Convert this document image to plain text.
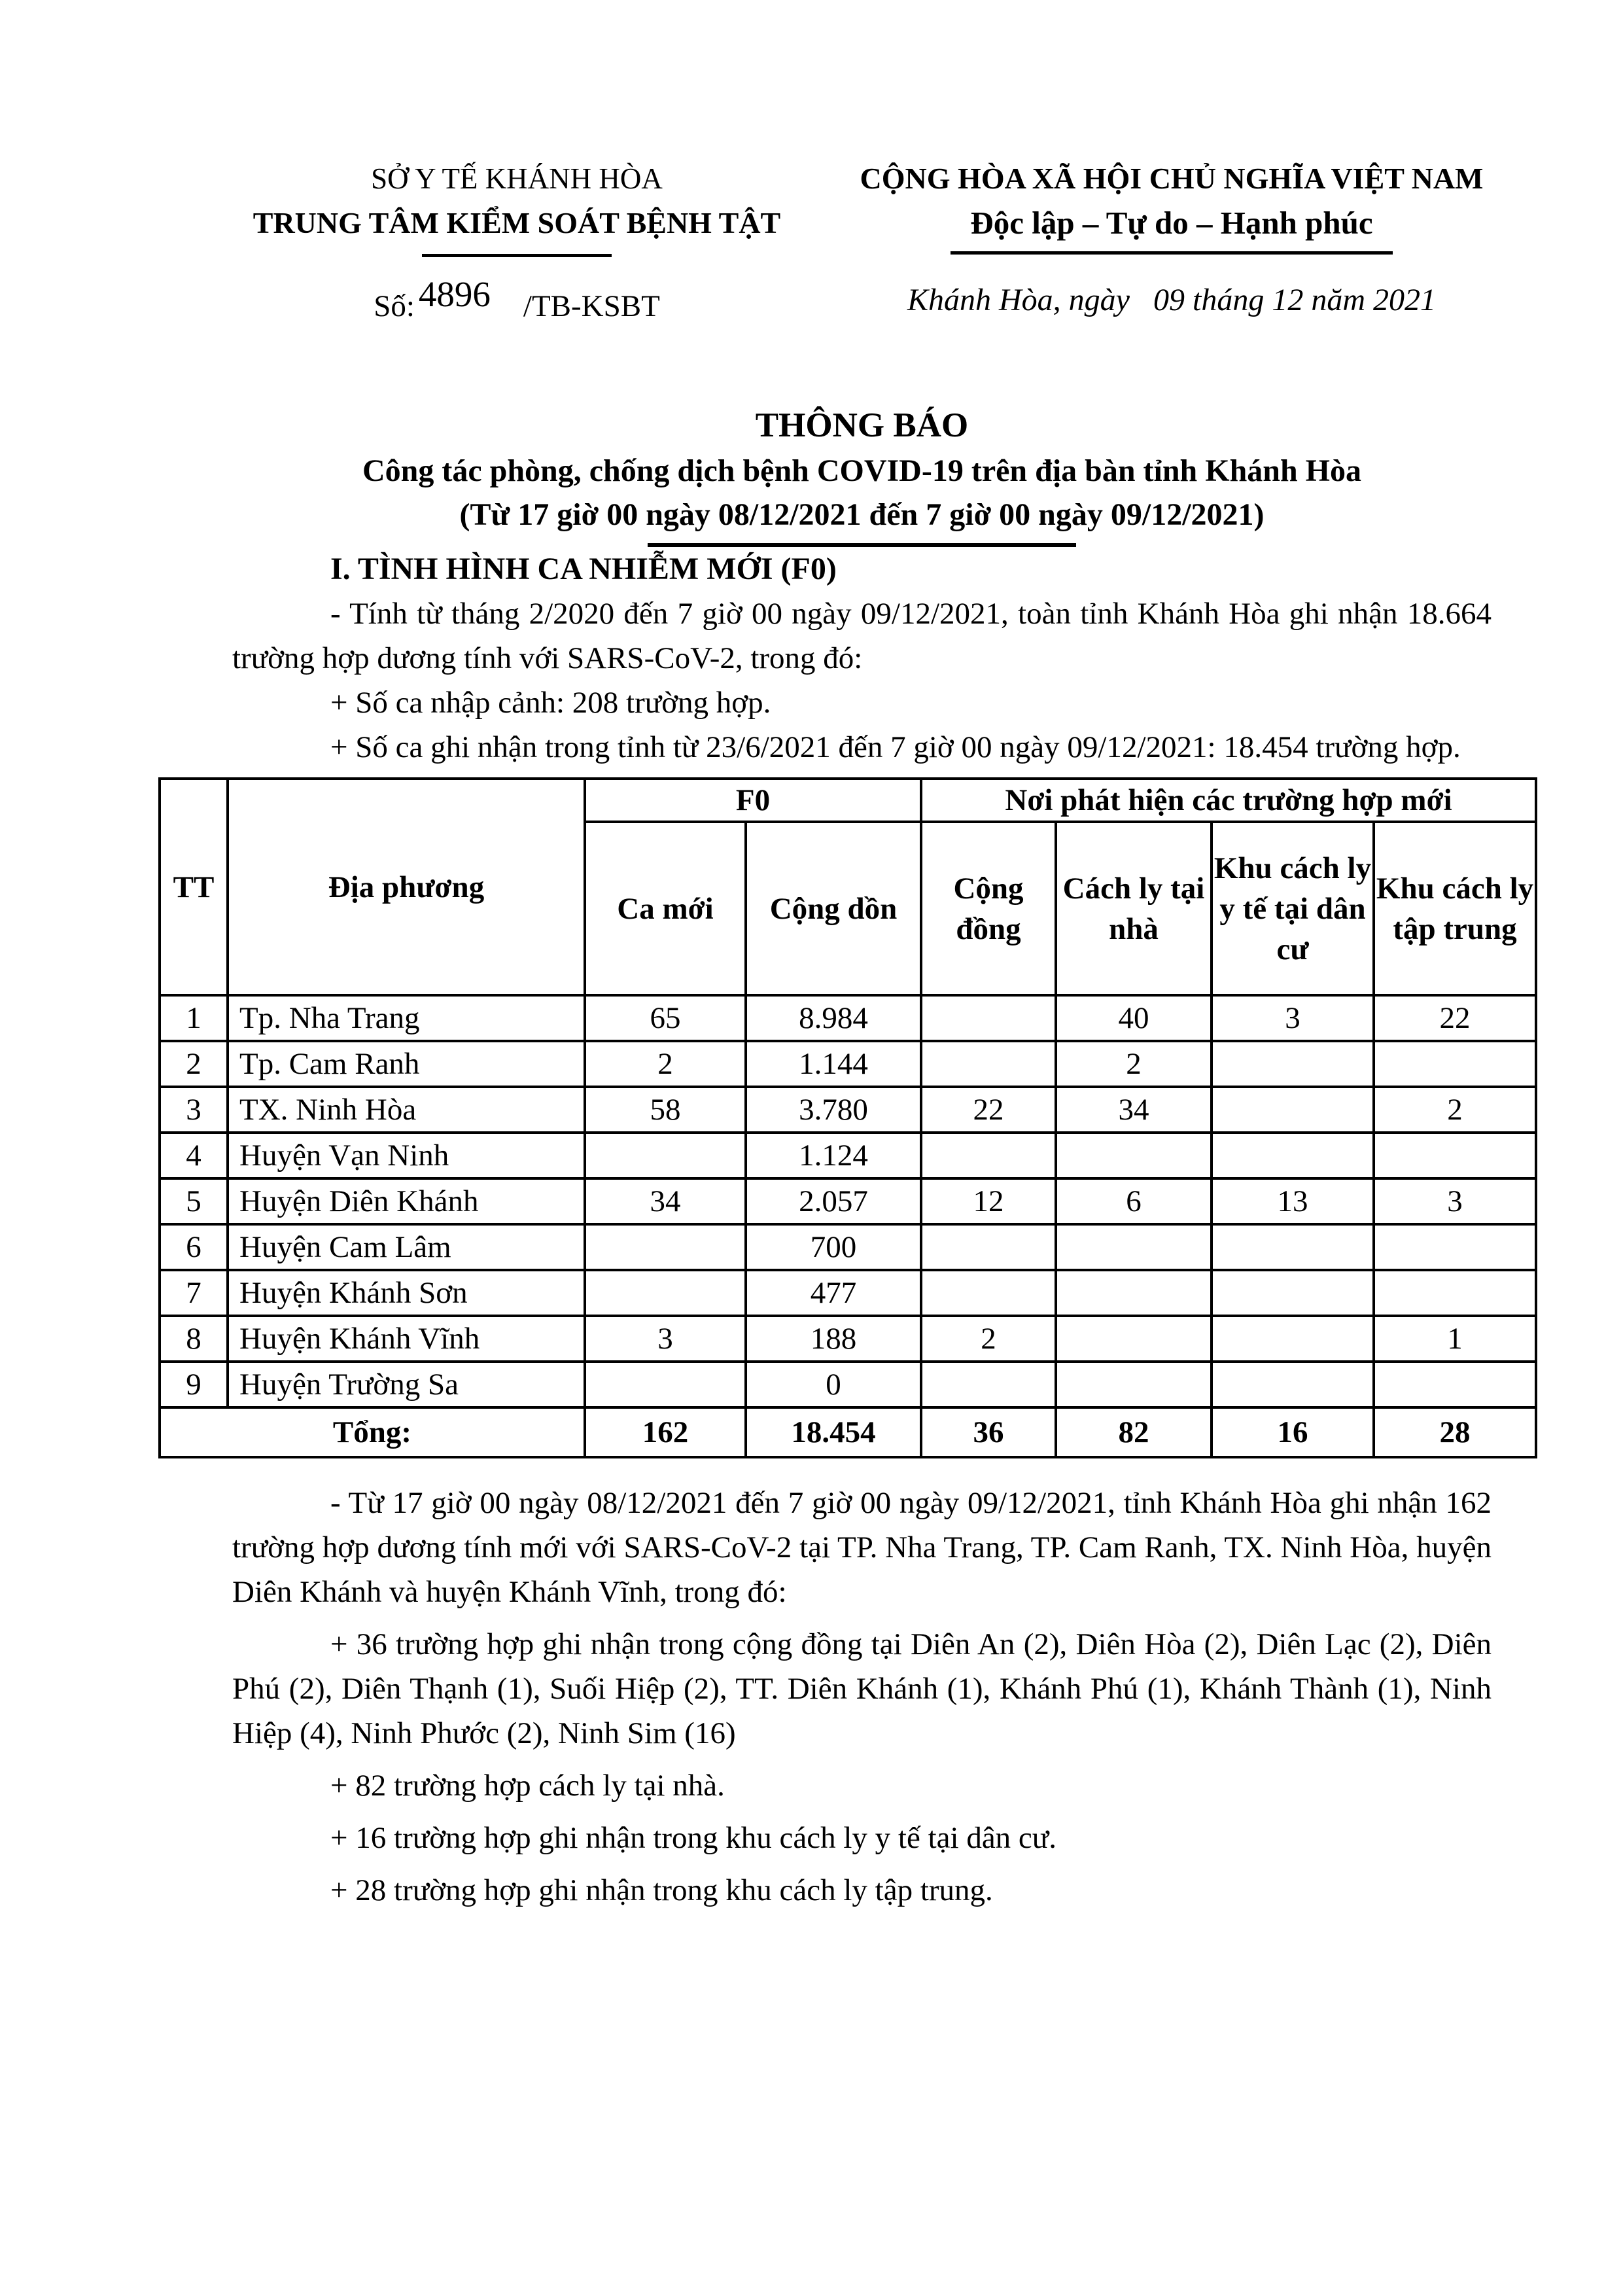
SỞ Y TẾ KHÁNH HÒA
TRUNG TÂM KIỂM SOÁT BỆNH TẬT
Số: 4896 /TB-KSBT
CỘNG HÒA XÃ HỘI CHỦ NGHĨA VIỆT NAM
Độc lập – Tự do – Hạnh phúc
Khánh Hòa, ngày   09 tháng 12 năm 2021
THÔNG BÁO
Công tác phòng, chống dịch bệnh COVID-19 trên địa bàn tỉnh Khánh Hòa
(Từ 17 giờ 00 ngày 08/12/2021 đến 7 giờ 00 ngày 09/12/2021)

I. TÌNH HÌNH CA NHIỄM MỚI (F0)

- Tính từ tháng 2/2020 đến 7 giờ 00 ngày 09/12/2021, toàn tỉnh Khánh Hòa ghi nhận 18.664 trường hợp dương tính với SARS-CoV-2, trong đó:

+ Số ca nhập cảnh: 208 trường hợp.

+ Số ca ghi nhận trong tỉnh từ 23/6/2021 đến 7 giờ 00 ngày 09/12/2021: 18.454 trường hợp.

TT	Địa phương	F0		Nơi phát hiện các trường hợp mới			
		Ca mới	Cộng dồn	Cộng đồng	Cách ly tại nhà	Khu cách ly y tế tại dân cư	Khu cách ly tập trung
1	Tp. Nha Trang	65	8.984		40	3	22
2	Tp. Cam Ranh	2	1.144		2		
3	TX. Ninh Hòa	58	3.780	22	34		2
4	Huyện Vạn Ninh		1.124				
5	Huyện Diên Khánh	34	2.057	12	6	13	3
6	Huyện Cam Lâm		700				
7	Huyện Khánh Sơn		477				
8	Huyện Khánh Vĩnh	3	188	2			1
9	Huyện Trường Sa		0				
Tổng:		162	18.454	36	82	16	28

- Từ 17 giờ 00 ngày 08/12/2021 đến 7 giờ 00 ngày 09/12/2021, tỉnh Khánh Hòa ghi nhận 162 trường hợp dương tính mới với SARS-CoV-2 tại TP. Nha Trang, TP. Cam Ranh, TX. Ninh Hòa, huyện Diên Khánh và huyện Khánh Vĩnh, trong đó:

+ 36 trường hợp ghi nhận trong cộng đồng tại Diên An (2), Diên Hòa (2), Diên Lạc (2), Diên Phú (2), Diên Thạnh (1), Suối Hiệp (2), TT. Diên Khánh (1), Khánh Phú (1), Khánh Thành (1), Ninh Hiệp (4), Ninh Phước (2), Ninh Sim (16)

+ 82 trường hợp cách ly tại nhà.

+ 16 trường hợp ghi nhận trong khu cách ly y tế tại dân cư.

+ 28 trường hợp ghi nhận trong khu cách ly tập trung.
